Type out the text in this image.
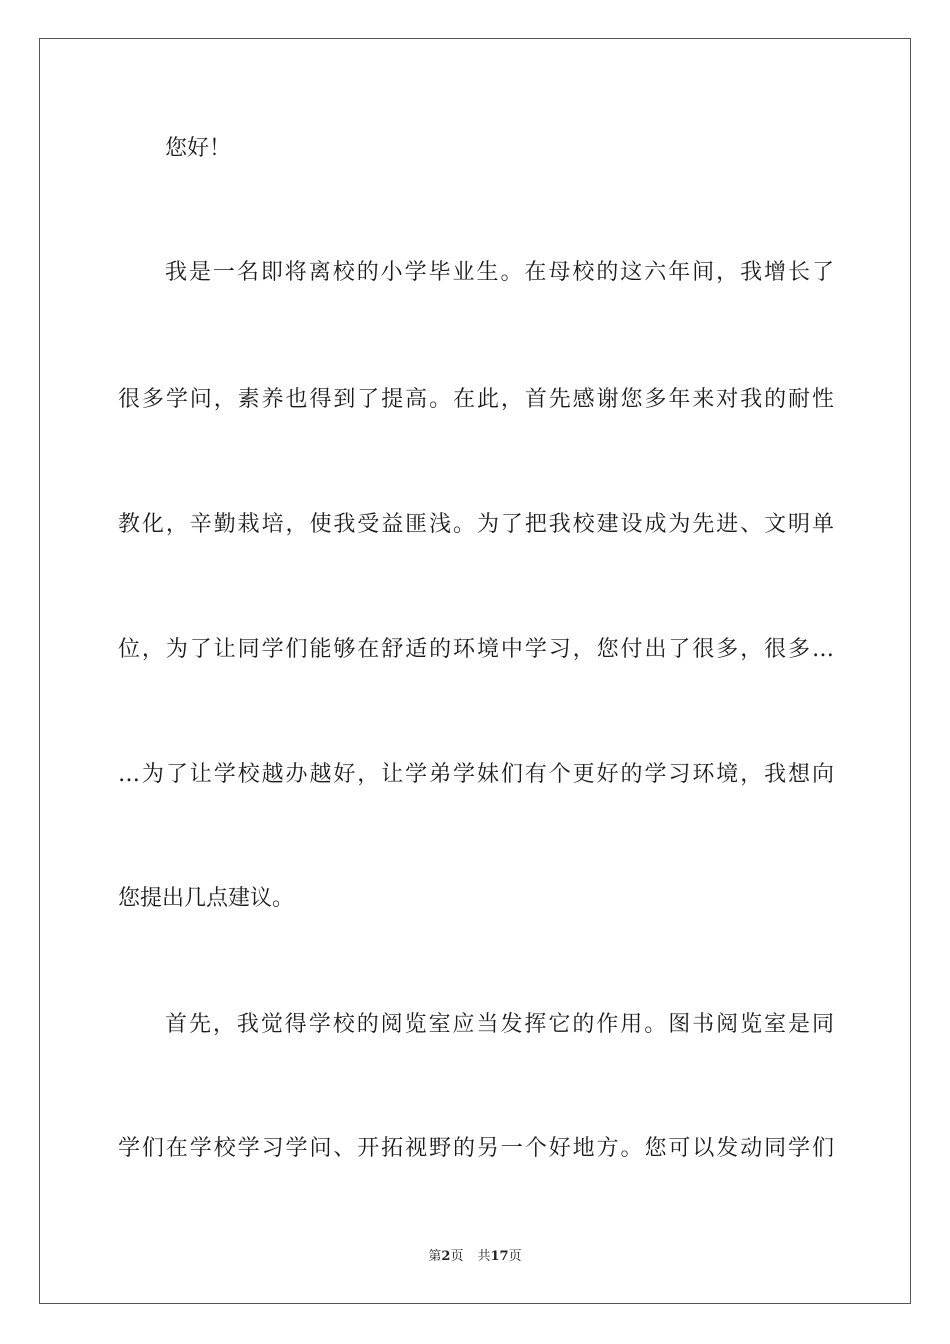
您好！
我是一名即将离校的小学毕业生。在母校的这六年间，我增长了
很多学问，素养也得到了提高。在此，首先感谢您多年来对我的耐性
教化，辛勤栽培，使我受益匪浅。为了把我校建设成为先进、文明单
位，为了让同学们能够在舒适的环境中学习，您付出了很多，很多…
…为了让学校越办越好，让学弟学妹们有个更好的学习环境，我想向
您提出几点建议。
首先，我觉得学校的阅览室应当发挥它的作用。图书阅览室是同
学们在学校学习学问、开拓视野的另一个好地方。您可以发动同学们
第2页 共17页
